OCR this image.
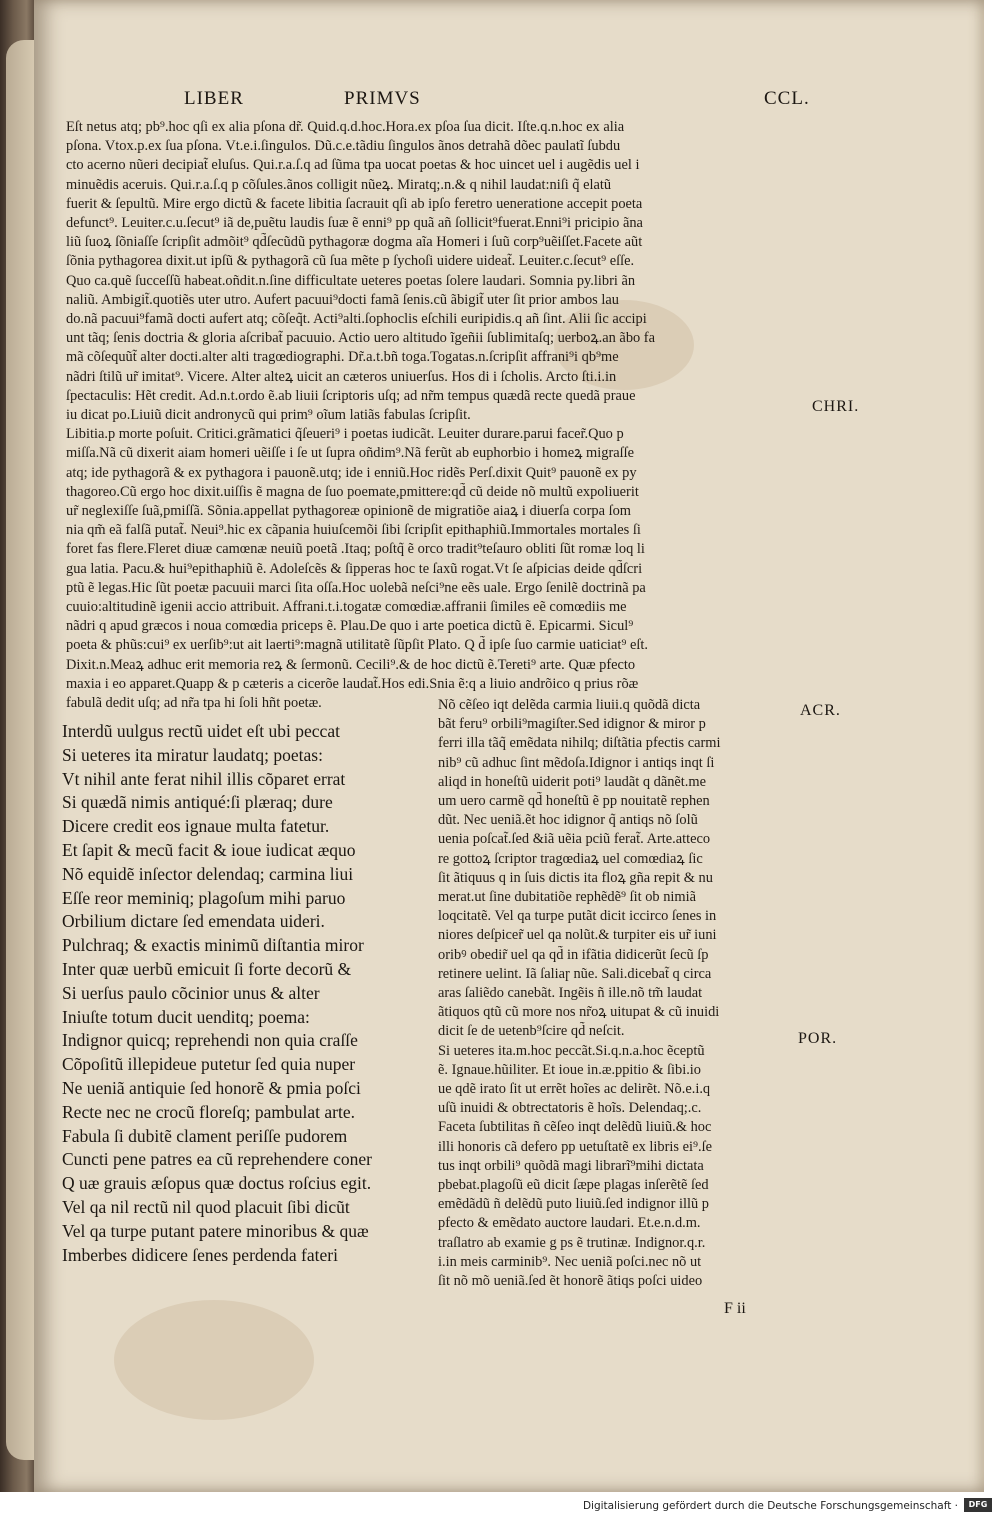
LIBER	PRIMVS	CCL.
Eſt netus atq; pb⁹.hoc qſi ex alia pſona dr̃. Quid.q.d.hoc.Hora.ex pſoa ſua dicit. Iſte.q.n.hoc ex alia
pſona. Vtox.p.ex ſua pſona. Vt.e.i.ſingulos. Dũ.c.e.tãdiu ſingulos ãnos detrahã dõec paulatĩ ſubdu
cto acerno nũeri decipiat̃ eluſus. Qui.r.a.ſ.q ad ſũma tpa uocat poetas & hoc uincet uel i augẽdis uel i
minuẽdis aceruis. Qui.r.a.ſ.q p cõſules.ãnos colligit nũeꝝ. Miratq;.n.& q nihil laudat:niſi q̃ elatũ
fuerit & ſepultũ. Mire ergo dictũ & facete libitia ſacrauit qſi ab ipſo feretro ueneratione accepit poeta
defunct⁹. Leuiter.c.u.ſecut⁹ iã de,puẽtu laudis ſuæ ẽ enni⁹ pp quã añ ſollicit⁹fuerat.Enni⁹i pricipio ãna
liũ ſuoꝝ ſõniaſſe ſcripſit admõit⁹ qd̃ſecũdũ pythagoræ dogma aĩa Homeri i ſuũ corp⁹uẽiſſet.Facete aũt
ſõnia pythagorea dixit.ut ipſũ & pythagorã cũ ſua mẽte p ſychoſi uidere uideat̃. Leuiter.c.ſecut⁹ eſſe.
Quo ca.quẽ ſucceſſũ habeat.oñdit.n.ſine difficultate ueteres poetas ſolere laudari. Somnia py.libri ãn
naliũ. Ambigit̃.quotiẽs uter utro. Aufert pacuui⁹docti famã ſenis.cũ ãbigit̃ uter ſit prior ambos lau
do.nã pacuui⁹famã docti aufert atq; cõſeq̃t. Acti⁹alti.ſophoclis eſchili euripidis.q añ ſint. Alii ſic accipi
unt tãq; ſenis doctria & gloria aſcribat̃ pacuuio. Actio uero altitudo ĩgeñii ſublimitaſq; uerboꝝ.an ãbo fa
mã cõſequũt̃ alter docti.alter alti tragœdiographi. Dr̃.a.t.bñ toga.Togatas.n.ſcripſit affrani⁹i qb⁹me
nãdri ſtilũ ur̃ imitat⁹. Vicere. Alter alteꝝ uicit an cæteros uniuerſus. Hos di i ſcholis. Arcto ſti.i.in
ſpectaculis: Hẽt credit. Ad.n.t.ordo ẽ.ab liuii ſcriptoris uſq; ad nr̃m tempus quædã recte quedã praue
iu dicat po.Liuiũ dicit andronycũ qui prim⁹ oĩum latiãs fabulas ſcripſit.
Libitia.p morte poſuit. Critici.grãmatici q̃ſeueri⁹ i poetas iudicãt. Leuiter durare.parui facer̃.Quo p
miſſa.Nã cũ dixerit aiam homeri uẽiſſe i ſe ut ſupra oñdim⁹.Nã ferũt ab euphorbio i homeꝝ migraſſe
atq; ide pythagorã & ex pythagora i pauonẽ.utq; ide i enniũ.Hoc ridẽs Perſ.dixit Quit⁹ pauonẽ ex py
thagoreo.Cũ ergo hoc dixit.uiſſis ẽ magna de ſuo poemate,pmittere:qd̃ cũ deide nõ multũ expoliuerit
ur̃ neglexiſſe ſuã,pmiſſã. Sõnia.appellat pythagoreæ opinionẽ de migratiõe aiaꝝ i diuerſa corpa ſom
nia qm̃ eã falſã putat̃. Neui⁹.hic ex cãpania huiuſcemõi ſibi ſcripſit epithaphiũ.Immortales mortales ſi
foret fas flere.Fleret diuæ camœnæ neuiũ poetã .Itaq; poſtq̃ ẽ orco tradit⁹teſauro obliti ſũt romæ loq li
gua latia. Pacu.& hui⁹epithaphiũ ẽ. Adoleſcẽs & ſipperas hoc te ſaxũ rogat.Vt ſe aſpicias deide qd̃ſcri
ptũ ẽ legas.Hic ſũt poetæ pacuuii marci ſita oſſa.Hoc uolebã neſci⁹ne eẽs uale. Ergo ſenilẽ doctrinã pa
cuuio:altitudinẽ igenii accio attribuit. Affrani.t.i.togatæ comœdiæ.affranii ſimiles eẽ comœdiis me
nãdri q apud græcos i noua comœdia priceps ẽ. Plau.De quo i arte poetica dictũ ẽ. Epicarmi. Sicul⁹
poeta & phũs:cui⁹ ex uerſib⁹:ut ait laerti⁹:magnã utilitatẽ ſũpſit Plato. Q d̃ ipſe ſuo carmie uaticiat⁹ eſt.
Dixit.n.Meaꝝ adhuc erit memoria reꝝ & ſermonũ. Cecili⁹.& de hoc dictũ ẽ.Tereti⁹ arte. Quæ pfecto
maxia i eo apparet.Quapp & p cæteris a cicerõe laudat̃.Hos edi.Snia ẽ:q a liuio andrõico q prius rõæ
fabulã dedit uſq; ad nr̃a tpa hi ſoli hñt poetæ.
Interdũ uulgus rectũ uidet eſt ubi peccat
Si ueteres ita miratur laudatq; poetas:
Vt nihil ante ferat nihil illis cõparet errat
Si quædã nimis antiqué:ſi plæraq; dure
Dicere credit eos ignaue multa fatetur.
Et ſapit & mecũ facit & ioue iudicat æquo
Nõ equidẽ inſector delendaq; carmina liui
Eſſe reor meminiq; plagoſum mihi paruo
Orbilium dictare ſed emendata uideri.
Pulchraq; & exactis minimũ diſtantia miror
Inter quæ uerbũ emicuit ſi forte decorũ &
Si uerſus paulo cõcinior unus & alter
Iniuſte totum ducit uenditq; poema:
Indignor quicq; reprehendi non quia craſſe
Cõpoſitũ illepideue putetur ſed quia nuper
Ne ueniã antiquie ſed honorẽ & pmia poſci
Recte nec ne crocũ floreſq; pambulat arte.
Fabula ſi dubitẽ clament periſſe pudorem
Cuncti pene patres ea cũ reprehendere coner
Q uæ grauis æſopus quæ doctus roſcius egit.
Vel qa nil rectũ nil quod placuit ſibi dicũt
Vel qa turpe putant patere minoribus & quæ
Imberbes didicere ſenes perdenda fateri
Nõ cẽſeo iqt delẽda carmia liuii.q quõdã dicta
bãt feru⁹ orbili⁹magiſter.Sed idignor & miror p
ferri illa tãq̃ emẽdata nihilq; diſtãtia pfectis carmi
nib⁹ cũ adhuc ſint mẽdoſa.Idignor i antiqs inqt ſi
aliqd in honeſtũ uiderit poti⁹ laudãt q dãnẽt.me
um uero carmẽ qd̃ honeſtũ ẽ pp nouitatẽ rephen
dũt. Nec ueniã.ẽt hoc idignor q̃ antiqs nõ ſolũ
uenia poſcat̃.ſed &iã uẽia pciũ ferat̃. Arte.atteco
re gottoꝝ ſcriptor tragœdiaꝝ uel comœdiaꝝ ſic
ſit ãtiquus q in ſuis dictis ita floꝝ gña repit & nu
merat.ut ſine dubitatiõe rephẽdẽ⁹ ſit ob nimiã
loqcitatẽ. Vel qa turpe putãt dicit iccirco ſenes in
niores deſpicer̃ uel qa nolũt.& turpiter eis ur̃ iuni
oribꝰ obedir̃ uel qa qd̃ in ifãtia didicerũt ſecũ ſp
retinere uelint. Iã ſaliaɼ nũe. Sali.dicebat̃ q circa
aras ſaliẽdo canebãt. Ingẽis ñ ille.nõ tm̃ laudat
ãtiquos qtũ cũ more nos nr̃oꝝ uitupat & cũ inuidi
dicit ſe de uetenb⁹ſcire qd̃ neſcit.
Si ueteres ita.m.hoc peccãt.Si.q.n.a.hoc ẽceptũ
ẽ. Ignaue.hũiliter. Et ioue in.æ.ppitio & ſibi.io
ue qdẽ irato ſit ut errẽt hoĩes ac delirẽt. Nõ.e.i.q
uſũ inuidi & obtrectatoris ẽ hoĩs. Delendaq;.c.
Faceta ſubtilitas ñ cẽſeo inqt delẽdũ liuiũ.& hoc
illi honoris cã defero pp uetuſtatẽ ex libris ei⁹.ſe
tus inqt orbili⁹ quõdã magi librarĩ⁹mihi dictata
pbebat.plagoſũ eũ dicit ſæpe plagas inſerẽtẽ ſed
emẽdãdũ ñ delẽdũ puto liuiũ.ſed indignor illũ p
pfecto & emẽdato auctore laudari. Et.e.n.d.m.
traſlatro ab examie g ps ẽ trutinæ. Indignor.q.r.
i.in meis carminib⁹. Nec ueniã poſci.nec nõ ut
ſit nõ mõ ueniã.ſed ẽt honorẽ ãtiqs poſci uideo
CHRI.
ACR.
POR.
F ii
Digitalisierung gefördert durch die Deutsche Forschungsgemeinschaft ·	DFG
